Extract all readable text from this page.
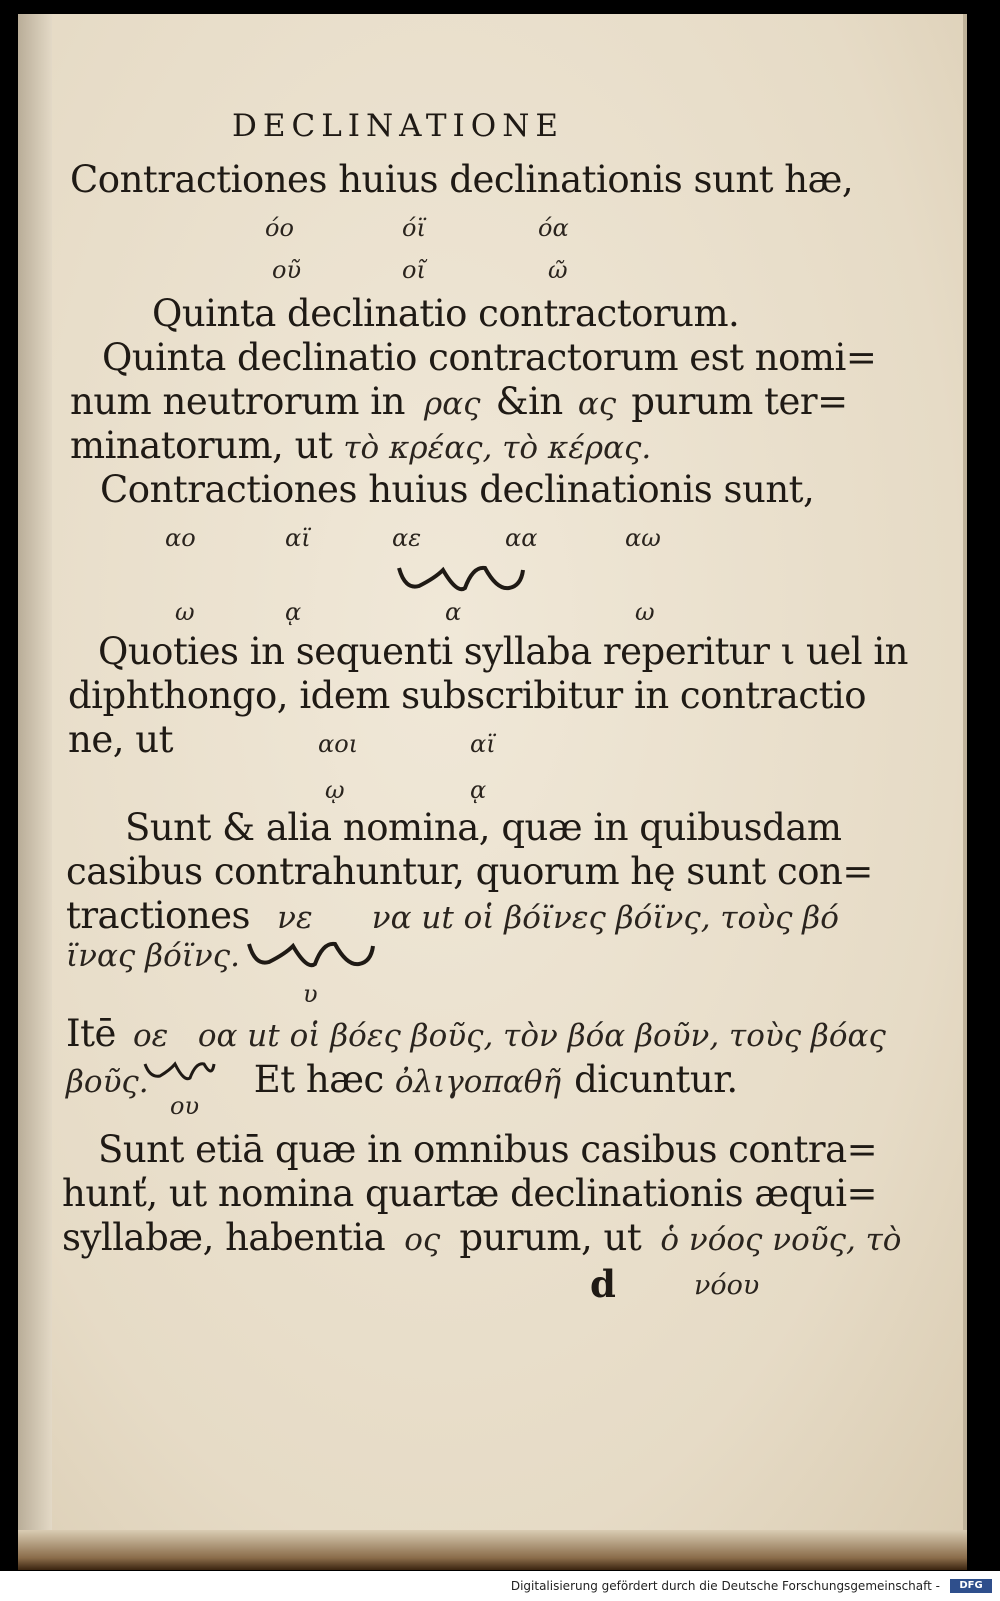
DECLINATIONE
Contractiones huius declinationis sunt hæ,
όο	όϊ	όα
οῦ	οῖ	ῶ
Quinta declinatio contractorum.
Quinta declinatio contractorum est nomi=
num neutrorum in ρας &in ας purum ter=
minatorum, ut τὸ κρέας, τὸ κέρας.
Contractiones huius declinationis sunt,
αο	αϊ	αε	αα	αω
ω	ᾳ	α	ω
Quoties in sequenti syllaba reperitur ι uel in
diphthongo, idem subscribitur in contractio
ne, ut	αοι	αϊ
ῳ	ᾳ
Sunt & alia nomina, quæ in quibusdam
casibus contrahuntur, quorum hę sunt con=
tractiones νε      να ut οἱ βόϊνες βόϊνς, τοὺς βό
ϊνας βόϊνς.
υ
Itē οε   οα ut οἱ βόες βοῦς, τὸν βόα βοῦν, τοὺς βόας
βοῦς.	Et hæc ὀλιγοπαθῆ dicuntur.
ου
Sunt etiā quæ in omnibus casibus contra=
hunť, ut nomina quartæ declinationis æqui=
syllabæ, habentia ος purum, ut ὁ νόος νοῦς, τὸ
d	νόου
Digitalisierung gefördert durch die Deutsche Forschungsgemeinschaft -	DFG
